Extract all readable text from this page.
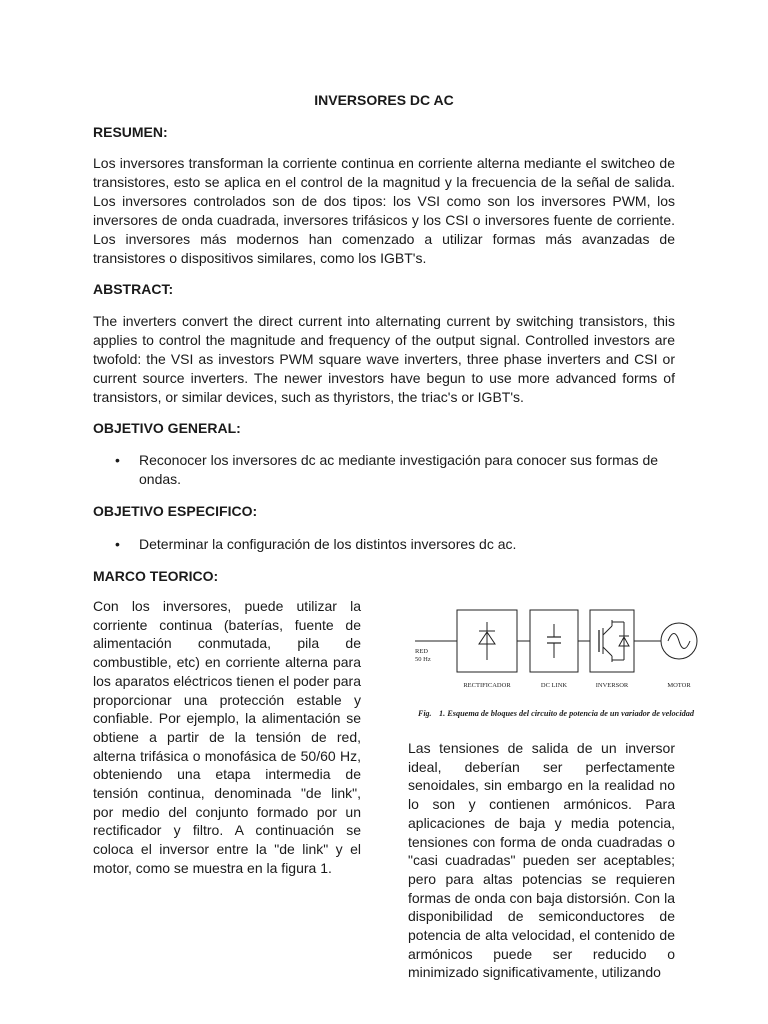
INVERSORES DC AC
RESUMEN:

Los inversores transforman la corriente continua en corriente alterna mediante el switcheo de transistores, esto se aplica en el control de la magnitud y la frecuencia de la señal de salida. Los inversores controlados son de dos tipos: los VSI como son los inversores PWM, los inversores de onda cuadrada, inversores trifásicos y los CSI o inversores fuente de corriente. Los inversores más modernos han comenzado a utilizar formas más avanzadas de transistores o dispositivos similares, como los IGBT's.

ABSTRACT:

The inverters convert the direct current into alternating current by switching transistors, this applies to control the magnitude and frequency of the output signal. Controlled investors are twofold: the VSI as investors PWM square wave inverters, three phase inverters and CSI or current source inverters. The newer investors have begun to use more advanced forms of transistors, or similar devices, such as thyristors, the triac's or IGBT's.

OBJETIVO GENERAL:
• Reconocer los inversores dc ac mediante investigación para conocer sus formas de ondas.
OBJETIVO ESPECIFICO:
• Determinar la configuración de los distintos inversores dc ac.
MARCO TEORICO:

Con los inversores, puede utilizar la corriente continua (baterías, fuente de alimentación conmutada, pila de combustible, etc) en corriente alterna para los aparatos eléctricos tienen el poder para proporcionar una protección estable y confiable. Por ejemplo, la alimentación se obtiene a partir de la tensión de red, alterna trifásica o monofásica de 50/60 Hz, obteniendo una etapa intermedia de tensión continua, denominada "de link", por medio del conjunto formado por un rectificador y filtro. A continuación se coloca el inversor entre la "de link" y el motor, como se muestra en la figura 1.

RED
50 Hz
RECTIFICADOR	DC LINK	INVERSOR	MOTOR
Fig. 1. Esquema de bloques del circuito de potencia de un variador de velocidad

Las tensiones de salida de un inversor ideal, deberían ser perfectamente senoidales, sin embargo en la realidad no lo son y contienen armónicos. Para aplicaciones de baja y media potencia, tensiones con forma de onda cuadradas o "casi cuadradas" pueden ser aceptables; pero para altas potencias se requieren formas de onda con baja distorsión. Con la disponibilidad de semiconductores de potencia de alta velocidad, el contenido de armónicos puede ser reducido o minimizado significativamente, utilizando
